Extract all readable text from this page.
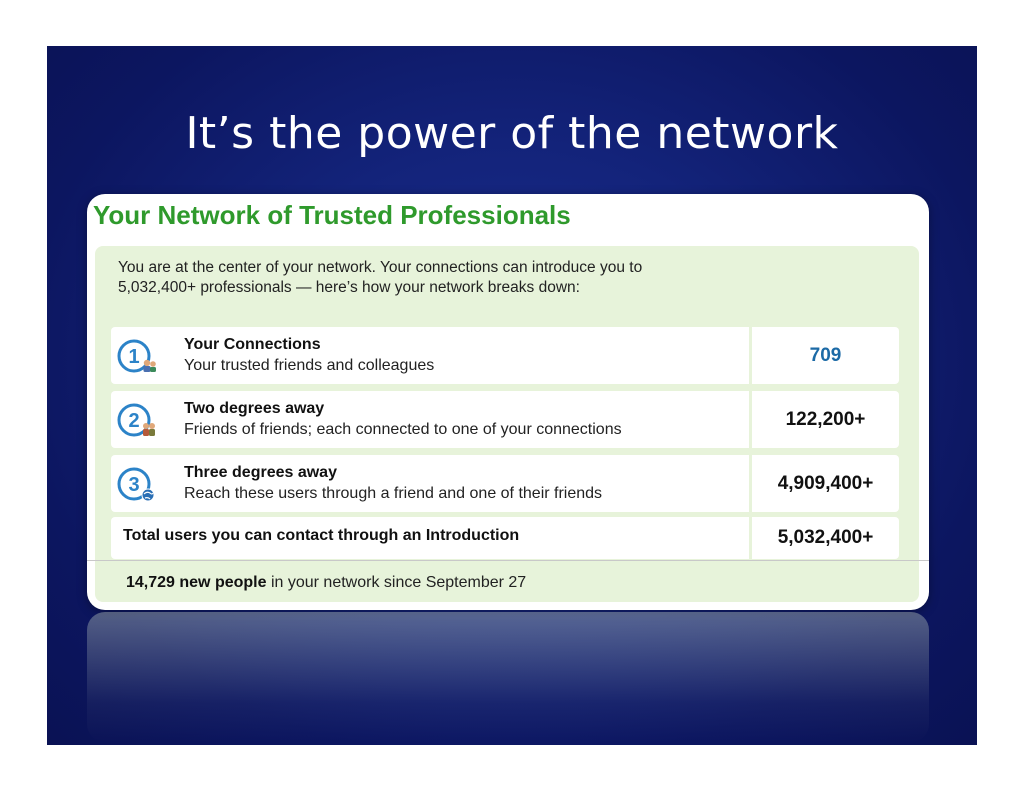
It’s the power of the network
Your Network of Trusted Professionals
You are at the center of your network. Your connections can introduce you to 5,032,400+ professionals — here’s how your network breaks down:
1
Your Connections
Your trusted friends and colleagues	709
2
Two degrees away
Friends of friends; each connected to one of your connections	122,200+
3
Three degrees away
Reach these users through a friend and one of their friends	4,909,400+
Total users you can contact through an Introduction	5,032,400+
14,729 new people in your network since September 27
